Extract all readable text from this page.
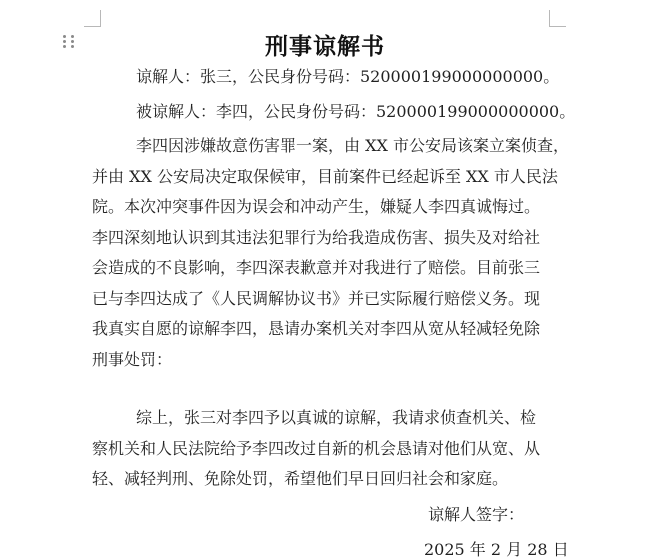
刑事谅解书
谅解人：张三，公民身份号码：520000199000000000。
被谅解人：李四，公民身份号码：520000199000000000。
李四因涉嫌故意伤害罪一案，由 XX 市公安局该案立案侦查，
并由 XX 公安局决定取保候审，目前案件已经起诉至 XX 市人民法
院。本次冲突事件因为误会和冲动产生，嫌疑人李四真诚悔过。
李四深刻地认识到其违法犯罪行为给我造成伤害、损失及对给社
会造成的不良影响，李四深表歉意并对我进行了赔偿。目前张三
已与李四达成了《人民调解协议书》并已实际履行赔偿义务。现
我真实自愿的谅解李四，恳请办案机关对李四从宽从轻减轻免除
刑事处罚：
综上，张三对李四予以真诚的谅解，我请求侦查机关、检
察机关和人民法院给予李四改过自新的机会恳请对他们从宽、从
轻、减轻判刑、免除处罚，希望他们早日回归社会和家庭。
谅解人签字：
2025 年 2 月 28 日
